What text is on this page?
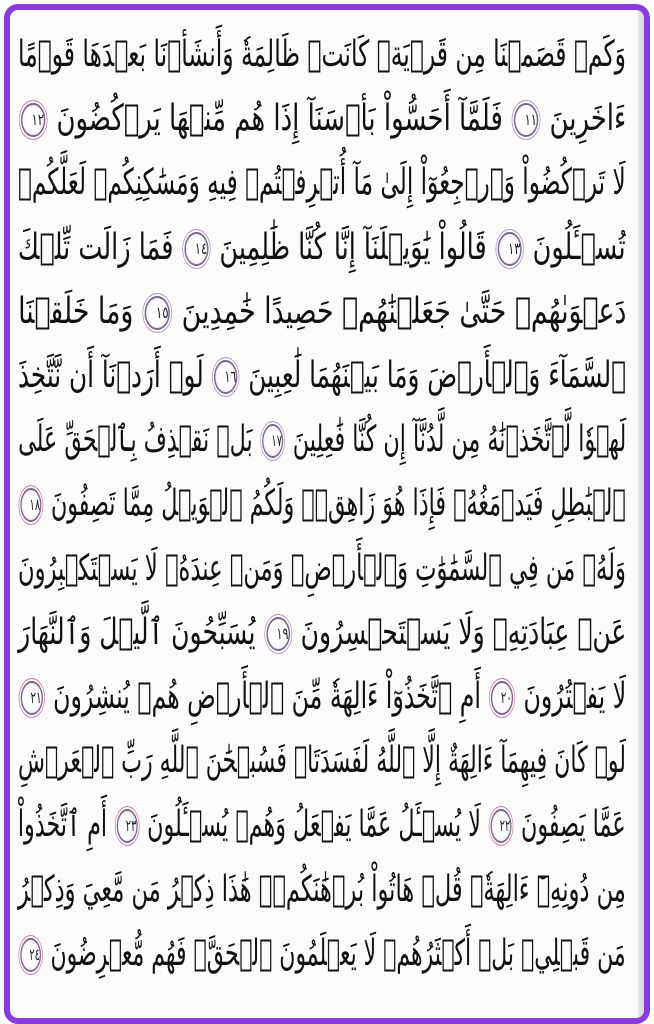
وَكَمۡ قَصَمۡنَا مِن قَرۡيَةٖ كَانَتۡ ظَالِمَةٗ وَأَنشَأۡنَا بَعۡدَهَا قَوۡمًا
ءَاخَرِينَ ١١ فَلَمَّآ أَحَسُّواْ بَأۡسَنَآ إِذَا هُم مِّنۡهَا يَرۡكُضُونَ ١٢
لَا تَرۡكُضُواْ وَٱرۡجِعُوٓاْ إِلَىٰ مَآ أُتۡرِفۡتُمۡ فِيهِ وَمَسَٰكِنِكُمۡ لَعَلَّكُمۡ
تُسۡـَٔلُونَ ١٣ قَالُواْ يَٰوَيۡلَنَآ إِنَّا كُنَّا ظَٰلِمِينَ ١٤ فَمَا زَالَت تِّلۡكَ
دَعۡوَىٰهُمۡ حَتَّىٰ جَعَلۡنَٰهُمۡ حَصِيدًا خَٰمِدِينَ ١٥ وَمَا خَلَقۡنَا
ٱلسَّمَآءَ وَٱلۡأَرۡضَ وَمَا بَيۡنَهُمَا لَٰعِبِينَ ١٦ لَوۡ أَرَدۡنَآ أَن نَّتَّخِذَ
لَهۡوٗا لَّٱتَّخَذۡنَٰهُ مِن لَّدُنَّآ إِن كُنَّا فَٰعِلِينَ ١٧ بَلۡ نَقۡذِفُ بِٱلۡحَقِّ عَلَى
ٱلۡبَٰطِلِ فَيَدۡمَغُهُۥ فَإِذَا هُوَ زَاهِقٞۚ وَلَكُمُ ٱلۡوَيۡلُ مِمَّا تَصِفُونَ ١٨
وَلَهُۥ مَن فِي ٱلسَّمَٰوَٰتِ وَٱلۡأَرۡضِۚ وَمَنۡ عِندَهُۥ لَا يَسۡتَكۡبِرُونَ
عَنۡ عِبَادَتِهِۦ وَلَا يَسۡتَحۡسِرُونَ ١٩ يُسَبِّحُونَ ٱلَّيۡلَ وَٱلنَّهَارَ
لَا يَفۡتُرُونَ ٢٠ أَمِ ٱتَّخَذُوٓاْ ءَالِهَةٗ مِّنَ ٱلۡأَرۡضِ هُمۡ يُنشِرُونَ ٢١
لَوۡ كَانَ فِيهِمَآ ءَالِهَةٌ إِلَّا ٱللَّهُ لَفَسَدَتَاۚ فَسُبۡحَٰنَ ٱللَّهِ رَبِّ ٱلۡعَرۡشِ
عَمَّا يَصِفُونَ ٢٢ لَا يُسۡـَٔلُ عَمَّا يَفۡعَلُ وَهُمۡ يُسۡـَٔلُونَ ٢٣ أَمِ ٱتَّخَذُواْ
مِن دُونِهِۦٓ ءَالِهَةٗۖ قُلۡ هَاتُواْ بُرۡهَٰنَكُمۡۖ هَٰذَا ذِكۡرُ مَن مَّعِيَ وَذِكۡرُ
مَن قَبۡلِيۚ بَلۡ أَكۡثَرُهُمۡ لَا يَعۡلَمُونَ ٱلۡحَقَّۖ فَهُم مُّعۡرِضُونَ ٢٤
